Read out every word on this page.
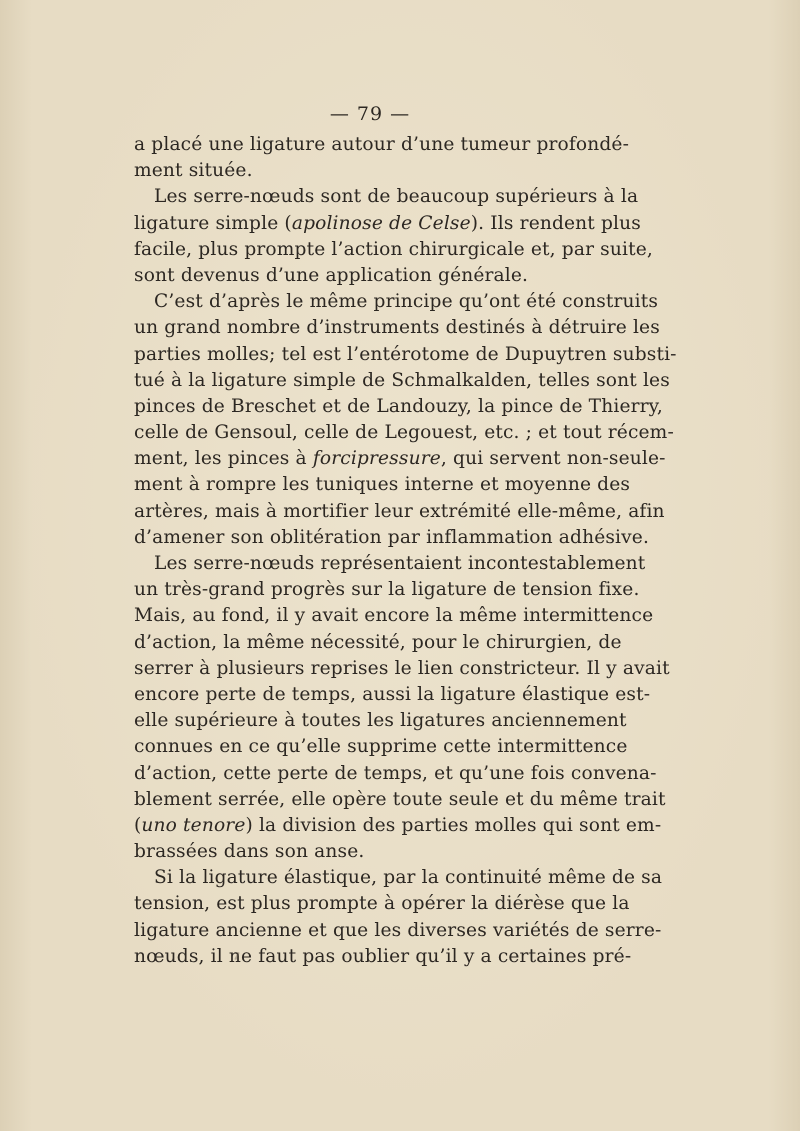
— 79 —
a placé une ligature autour d’une tumeur profondé-
ment située.
Les serre-nœuds sont de beaucoup supérieurs à la
ligature simple (apolinose de Celse). Ils rendent plus
facile, plus prompte l’action chirurgicale et, par suite,
sont devenus d’une application générale.
C’est d’après le même principe qu’ont été construits
un grand nombre d’instruments destinés à détruire les
parties molles; tel est l’entérotome de Dupuytren substi-
tué à la ligature simple de Schmalkalden, telles sont les
pinces de Breschet et de Landouzy, la pince de Thierry,
celle de Gensoul, celle de Legouest, etc. ; et tout récem-
ment, les pinces à forcipressure, qui servent non-seule-
ment à rompre les tuniques interne et moyenne des
artères, mais à mortifier leur extrémité elle-même, afin
d’amener son oblitération par inflammation adhésive.
Les serre-nœuds représentaient incontestablement
un très-grand progrès sur la ligature de tension fixe.
Mais, au fond, il y avait encore la même intermittence
d’action, la même nécessité, pour le chirurgien, de
serrer à plusieurs reprises le lien constricteur. Il y avait
encore perte de temps, aussi la ligature élastique est-
elle supérieure à toutes les ligatures anciennement
connues en ce qu’elle supprime cette intermittence
d’action, cette perte de temps, et qu’une fois convena-
blement serrée, elle opère toute seule et du même trait
(uno tenore) la division des parties molles qui sont em-
brassées dans son anse.
Si la ligature élastique, par la continuité même de sa
tension, est plus prompte à opérer la diérèse que la
ligature ancienne et que les diverses variétés de serre-
nœuds, il ne faut pas oublier qu’il y a certaines pré-
